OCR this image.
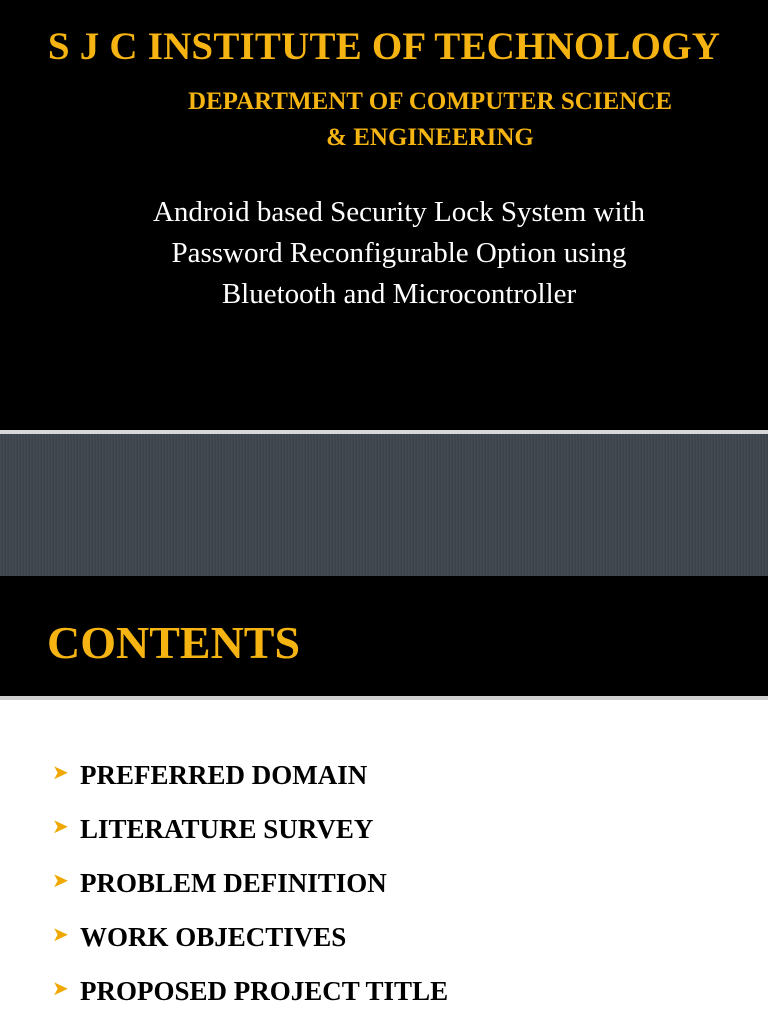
S J C INSTITUTE OF TECHNOLOGY
DEPARTMENT OF COMPUTER SCIENCE
& ENGINEERING
Android based Security Lock System with
Password Reconfigurable Option using
Bluetooth and Microcontroller
CONTENTS
➤ PREFERRED DOMAIN
➤ LITERATURE SURVEY
➤ PROBLEM DEFINITION
➤ WORK OBJECTIVES
➤ PROPOSED PROJECT TITLE
